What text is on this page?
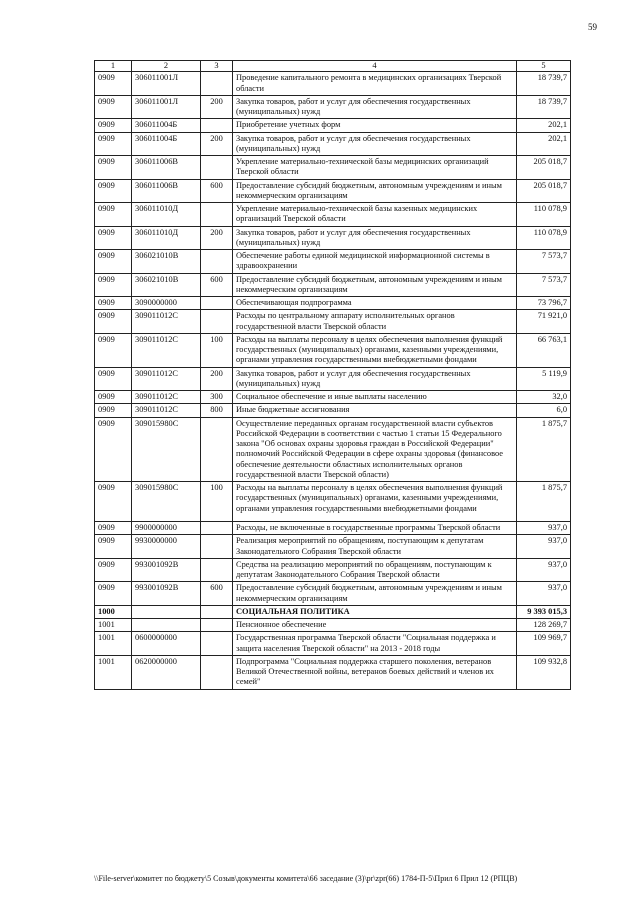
59
1	2	3	4	5
0909	306011001Л		Проведение капитального ремонта в медицинских организациях Тверской области	18 739,7
0909	306011001Л	200	Закупка товаров, работ и услуг для обеспечения государственных (муниципальных) нужд	18 739,7
0909	306011004Б		Приобретение учетных форм	202,1
0909	306011004Б	200	Закупка товаров, работ и услуг для обеспечения государственных (муниципальных) нужд	202,1
0909	306011006В		Укрепление материально-технической базы медицинских организаций Тверской области	205 018,7
0909	306011006В	600	Предоставление субсидий бюджетным, автономным учреждениям и иным некоммерческим организациям	205 018,7
0909	306011010Д		Укрепление материально-технической базы казенных медицинских организаций Тверской области	110 078,9
0909	306011010Д	200	Закупка товаров, работ и услуг для обеспечения государственных (муниципальных) нужд	110 078,9
0909	306021010В		Обеспечение работы единой медицинской информационной системы в здравоохранении	7 573,7
0909	306021010В	600	Предоставление субсидий бюджетным, автономным учреждениям и иным некоммерческим организациям	7 573,7
0909	3090000000		Обеспечивающая подпрограмма	73 796,7
0909	309011012С		Расходы по центральному аппарату исполнительных органов государственной власти Тверской области	71 921,0
0909	309011012С	100	Расходы на выплаты персоналу в целях обеспечения выполнения функций государственных (муниципальных) органами, казенными учреждениями, органами управления государственными внебюджетными фондами	66 763,1
0909	309011012С	200	Закупка товаров, работ и услуг для обеспечения государственных (муниципальных) нужд	5 119,9
0909	309011012С	300	Социальное обеспечение и иные выплаты населению	32,0
0909	309011012С	800	Иные бюджетные ассигнования	6,0
0909	309015980С		Осуществление переданных органам государственной власти субъектов Российской Федерации в соответствии с частью 1 статьи 15 Федерального закона "Об основах охраны здоровья граждан в Российской Федерации" полномочий Российской Федерации в сфере охраны здоровья (финансовое обеспечение деятельности областных исполнительных органов государственной власти Тверской области)	1 875,7
0909	309015980С	100	Расходы на выплаты персоналу в целях обеспечения выполнения функций государственных (муниципальных) органами, казенными учреждениями, органами управления государственными внебюджетными фондами	1 875,7
0909	9900000000		Расходы, не включенные в государственные программы Тверской области	937,0
0909	9930000000		Реализация мероприятий по обращениям, поступающим к депутатам Законодательного Собрания Тверской области	937,0
0909	993001092В		Средства на реализацию мероприятий по обращениям, поступающим к депутатам Законодательного Собрания Тверской области	937,0
0909	993001092В	600	Предоставление субсидий бюджетным, автономным учреждениям и иным некоммерческим организациям	937,0
1000			СОЦИАЛЬНАЯ ПОЛИТИКА	9 393 015,3
1001			Пенсионное обеспечение	128 269,7
1001	0600000000		Государственная программа Тверской области "Социальная поддержка и защита населения Тверской области" на 2013 - 2018 годы	109 969,7
1001	0620000000		Подпрограмма "Социальная поддержка старшего поколения, ветеранов Великой Отечественной войны, ветеранов боевых действий и членов их семей"	109 932,8
\\File-server\комитет по бюджету\5 Созыв\документы комитета\66 заседание (3)\pr\zpr(66) 1784-П-5\Прил 6 Прил 12 (РПЦВ)
